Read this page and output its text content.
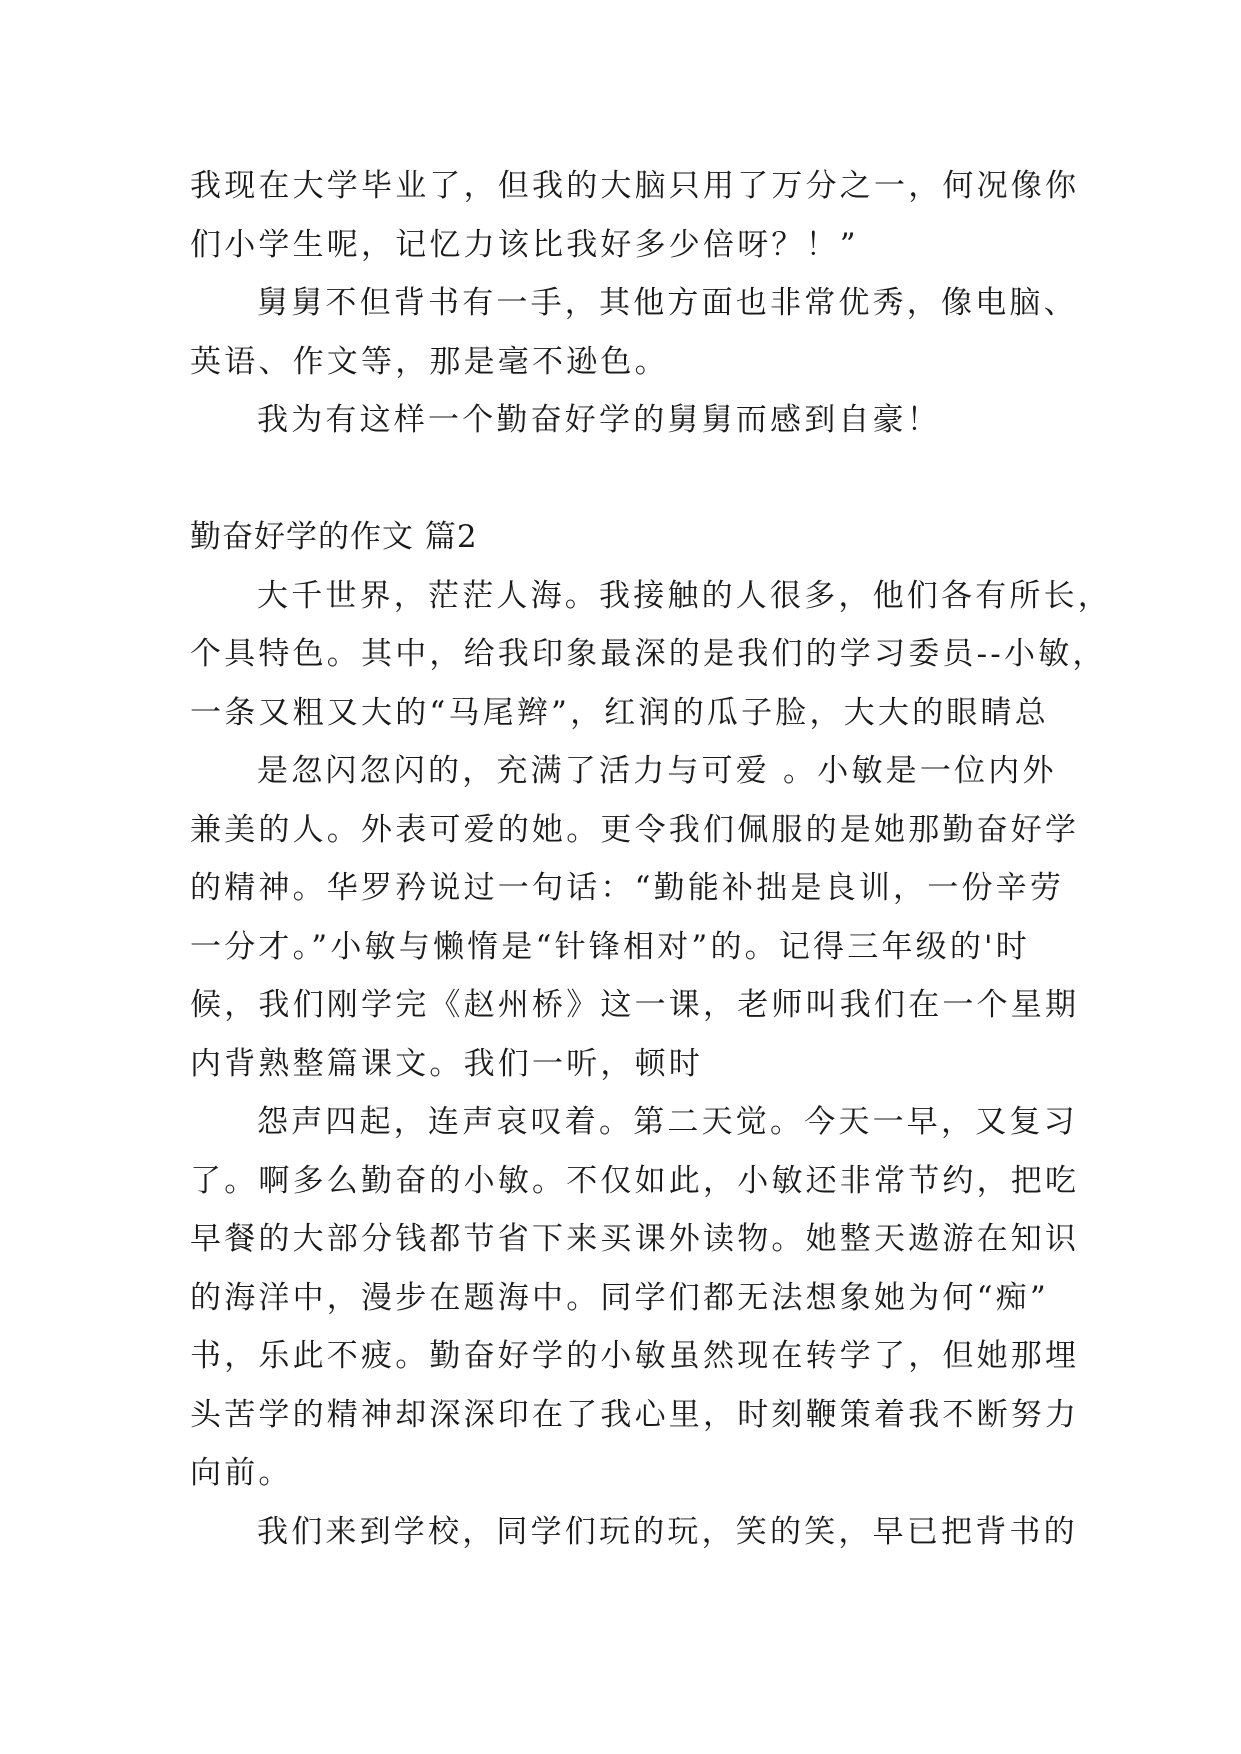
我现在大学毕业了，但我的大脑只用了万分之一，何况像你

们小学生呢，记忆力该比我好多少倍呀？！”

舅舅不但背书有一手，其他方面也非常优秀，像电脑、

英语、作文等，那是毫不逊色。

我为有这样一个勤奋好学的舅舅而感到自豪！

勤奋好学的作文 篇2

大千世界，茫茫人海。我接触的人很多，他们各有所长，

个具特色。其中，给我印象最深的是我们的学习委员--小敏，

一条又粗又大的“马尾辫”，红润的瓜子脸，大大的眼睛总

是忽闪忽闪的，充满了活力与可爱 。小敏是一位内外

兼美的人。外表可爱的她。更令我们佩服的是她那勤奋好学

的精神。华罗矜说过一句话：“勤能补拙是良训，一份辛劳

一分才。”小敏与懒惰是“针锋相对”的。记得三年级的'时

候，我们刚学完《赵州桥》这一课，老师叫我们在一个星期

内背熟整篇课文。我们一听，顿时

怨声四起，连声哀叹着。第二天觉。今天一早，又复习

了。啊多么勤奋的小敏。不仅如此，小敏还非常节约，把吃

早餐的大部分钱都节省下来买课外读物。她整天遨游在知识

的海洋中，漫步在题海中。同学们都无法想象她为何“痴”

书，乐此不疲。勤奋好学的小敏虽然现在转学了，但她那埋

头苦学的精神却深深印在了我心里，时刻鞭策着我不断努力

向前。

我们来到学校，同学们玩的玩，笑的笑，早已把背书的
